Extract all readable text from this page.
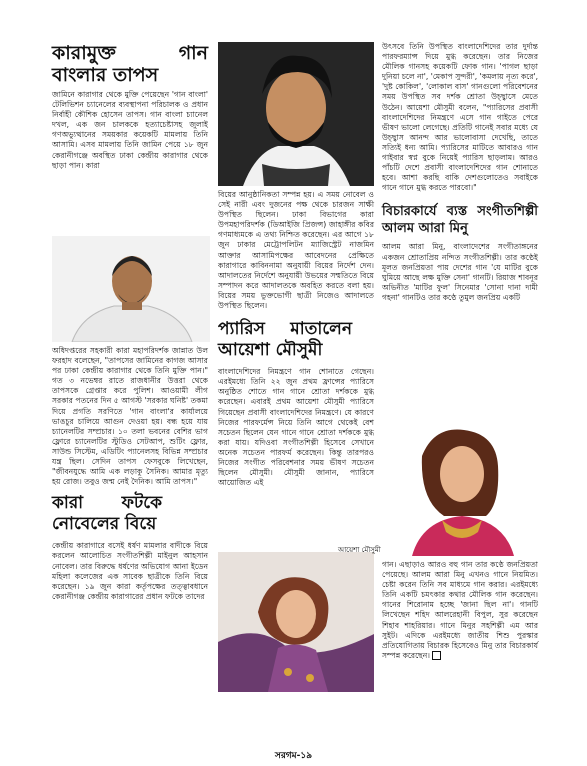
কারামুক্ত গান বাংলার তাপস

জামিনে কারাগার থেকে মুক্তি পেয়েছেন 'গান বাংলা' টেলিভিশন চ্যানেলের ব্যবস্থাপনা পরিচালক ও প্রধান নির্বাহী কৌশিক হোসেন তাপস। গান বাংলা চ্যানেল দখল, এক জন চালককে হত্যাচেষ্টাসহ জুলাই গণঅভ্যুত্থানের সময়কার কয়েকটি মামলায় তিনি আসামি। এসব মামলায় তিনি জামিন পেয়ে ১৮ জুন কেরানীগঞ্জে অবস্থিত ঢাকা কেন্দ্রীয় কারাগার থেকে ছাড়া পান। কারা

অধিদপ্তরের সহকারী কারা মহাপরিদর্শক জান্নাত উল ফরহাদ বলেছেন, "তাপসের জামিনের কাগজ আসার পর ঢাকা কেন্দ্রীয় কারাগার থেকে তিনি মুক্তি পান।" গত ৩ নভেম্বর রাতে রাজধানীর উত্তরা থেকে তাপসকে গ্রেপ্তার করে পুলিশ। আওয়ামী লীগ সরকার পতনের দিন ৫ আগস্ট 'সরকার ঘনিষ্ট' তকমা দিয়ে প্রগতি সরণিতে 'গান বাংলা'র কার্যালয়ে ভাঙচুর চালিয়ে আগুন দেওয়া হয়। বন্ধ হয়ে যায় চ্যানেলটির সম্প্রচার। ১০ তলা ভবনের বেশির ভাগ ফ্লোরে চ্যানেলটির স্টুডিও সেটআপ, শুটিং ফ্লোর, সাউন্ড সিস্টেম, এডিটিং প্যানেলসহ বিভিন্ন সম্প্রচার যন্ত্র ছিল। সেদিন তাপস ফেসবুকে লিখেছেন, "জীবনযুদ্ধে আমি এক লড়াকু সৈনিক। আমার মৃত্যু হয় রোজ। তবুও জন্ম নেই দৈনিক। আমি তাপস।"

কারা ফটকে নোবেলের বিয়ে

কেন্দ্রীয় কারাগারে বসেই ধর্ষণ মামলার বাদীকে বিয়ে করলেন আলোচিত সংগীতশিল্পী মাইনুল আহসান নোবেল। তার বিরুদ্ধে ধর্ষণের অভিযোগ আনা ইডেন মহিলা কলেজের এক সাবেক ছাত্রীকে তিনি বিয়ে করেছেন। ১৯ জুন কারা কর্তৃপক্ষের তত্ত্বাবধানে কেরানীগঞ্জ কেন্দ্রীয় কারাগারের প্রধান ফটকে তাদের

বিয়ের আনুষ্ঠানিকতা সম্পন্ন হয়। এ সময় নোবেল ও সেই নারী এবং দুজনের পক্ষ থেকে চারজন সাক্ষী উপস্থিত ছিলেন। ঢাকা বিভাগের কারা উপমহাপরিদর্শক (ডিআইজি প্রিজন্স) জাহাঙ্গীর কবির গণমাধ্যমকে এ তথ্য নিশ্চিত করেছেন। এর আগে ১৮ জুন ঢাকার মেট্রোপলিটন ম্যাজিস্ট্রেট নাজমিন আক্তার আসামিপক্ষের আবেদনের প্রেক্ষিতে কারাগারে কাবিননামা অনুযায়ী বিয়ের নির্দেশ দেন। আদালতের নির্দেশে অনুযায়ী উভয়ের সম্মতিতে বিয়ে সম্পাদন করে আদালতকে অবহিত করতে বলা হয়। বিয়ের সময় ভুক্তভোগী ছাত্রী নিজেও আদালতে উপস্থিত ছিলেন।

প্যারিস মাতালেন আয়েশা মৌসুমী

বাংলাদেশিদের নিমন্ত্রণে গান শোনাতে গেছেন। এরইমধ্যে তিনি ২২ জুন প্রথম ফ্রান্সের প্যারিসে অনুষ্ঠিত শোতে গান গানে শ্রোতা দর্শককে মুগ্ধ করেছেন। এবারই প্রথম আয়েশা মৌসুমী প্যারিসে গিয়েছেন প্রবাসী বাংলাদেশিদের নিমন্ত্রণে। যে কারণে নিজের পারফর্মেন্স নিয়ে তিনি আগে থেকেই বেশ সচেতন ছিলেন যেন গানে গানে শ্রোতা দর্শককে মুগ্ধ করা যায়। যদিওবা সংগীতশিল্পী হিসেবে সেখানে অনেক সচেতন পারফর্ম করেছেন। কিন্তু তারপরও নিজের সংগীত পরিবেশনার সময় ভীষণ সচেতন ছিলেন মৌসুমী। মৌসুমী জানান, প্যারিসে আয়োজিত এই

আয়েশা মৌসুমী

উৎসবে তিনি উপস্থিত বাংলাদেশিদের তার দুর্দান্ত পারফরম্যান্স দিয়ে মুগ্ধ করেছেন। তার নিজের মৌলিক গানসহ কয়েকটি ফোক গান। 'পাগল ছাড়া দুনিয়া চলে না', 'মেকাপ সুন্দরী', 'কমলায় নৃত্য করে', 'দুষ্ট কোকিল', 'লোকাল বাস' গানগুলো পরিবেশনের সময় উপস্থিত সব দর্শক শ্রোতা উচ্ছ্বাসে মেতে উঠেন। আয়েশা মৌসুমী বলেন, "প্যারিসের প্রবাসী বাংলাদেশিদের নিমন্ত্রণে এসে গান গাইতে পেরে ভীষণ ভালো লেগেছে। প্রতিটি গানেই সবার মধ্যে যে উচ্ছ্বাস আনন্দ আর ভালোবাসা দেখেছি, তাতে সত্যিই ধন্য আমি। প্যারিসের মাটিতে আবারও গান গাইবার স্বপ্ন বুকে নিয়েই প্যারিস ছাড়লাম। আরও পাঁচটি দেশে প্রবাসী বাংলাদেশিদের গান শোনাতে হবে। আশা করছি বাকি দেশগুলোতেও সবাইকে গানে গানে মুগ্ধ করতে পারবো।"

বিচারকার্যে ব্যস্ত সংগীতশিল্পী আলম আরা মিনু

আলম আরা মিনু, বাংলাদেশের সংগীতাঙ্গনের একজন শ্রোতাপ্রিয় নন্দিত সংগীতশিল্পী। তার কণ্ঠেই মূলত জনপ্রিয়তা পায় দেশের গান 'যে মাটির বুকে ঘুমিয়ে আছে লক্ষ মুক্তি সেনা' গানটি। রিয়াজ শাবনূর অভিনীত 'মাটির ফুল' সিনেমার 'সোনা দানা দামী গহনা' গানটিও তার কণ্ঠে তুমুল জনপ্রিয় একটি

গান। এছাড়াও আরও বহু গান তার কণ্ঠে জনপ্রিয়তা পেয়েছে। আলম আরা মিনু এখনও গানে নিয়মিত। চেষ্টা করেন তিনি সব মাধ্যমে গান করার। এরইমধ্যে তিনি একটি চমৎকার কথার মৌলিক গান করেছেন। গানের শিরোনাম হচ্ছে 'জানা ছিল না'। গানটি লিখেছেন শহিদ আলরেহানী বিপুল, সুর করেছেন শিহাব শাহরিয়ার। গানে মিনুর সহশিল্পী এম আর সুইট। এদিকে এরইমধ্যে জাতীয় শিশু পুরস্কার প্রতিযোগিতায় বিচারক হিসেবেও মিনু তার বিচারকার্য সম্পন্ন করেছেন।

সরগম-১৯
